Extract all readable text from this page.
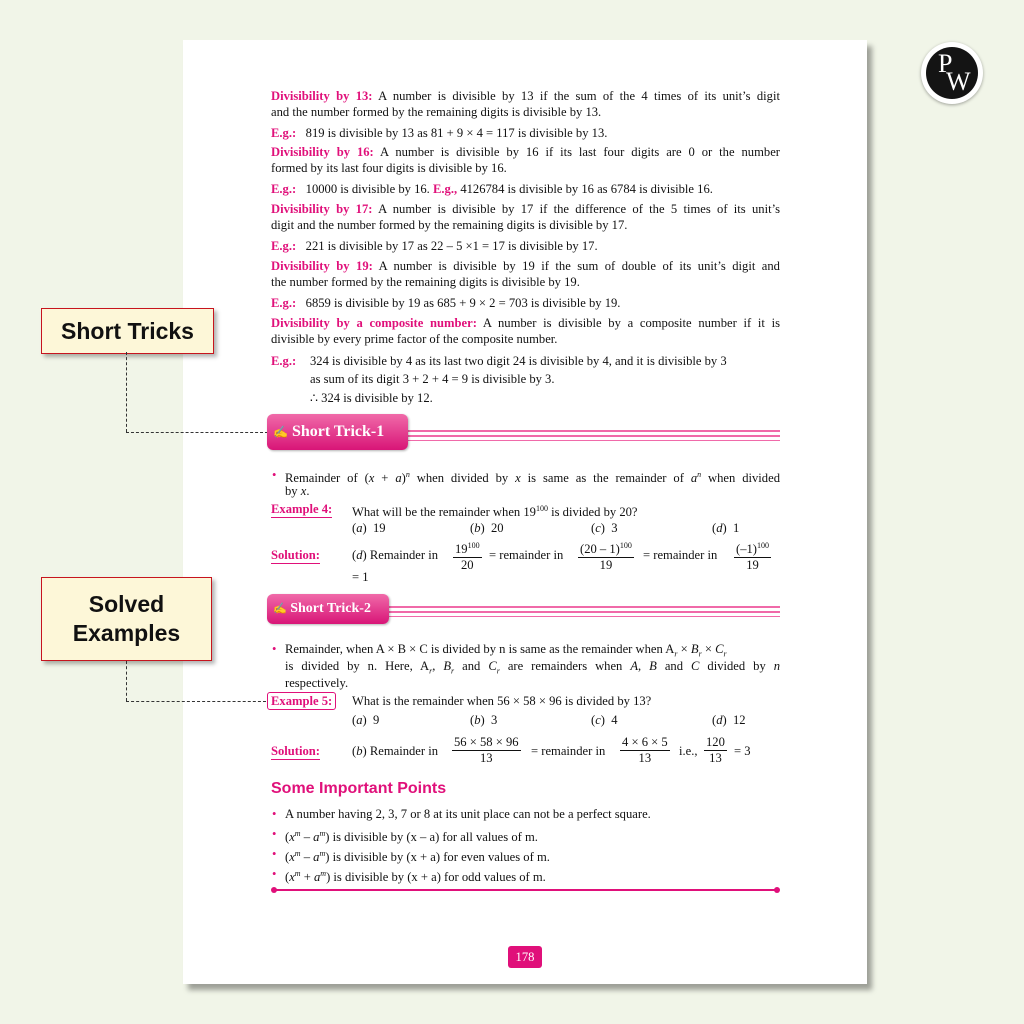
P
W
Short Tricks
Solved
Examples
Divisibility by 13: A number is divisible by 13 if the sum of the 4 times of its unit’s digit
and the number formed by the remaining digits is divisible by 13.
E.g.: 819 is divisible by 13 as 81 + 9 × 4 = 117 is divisible by 13.
Divisibility by 16: A number is divisible by 16 if its last four digits are 0 or the number
formed by its last four digits is divisible by 16.
E.g.: 10000 is divisible by 16. E.g., 4126784 is divisible by 16 as 6784 is divisible 16.
Divisibility by 17: A number is divisible by 17 if the difference of the 5 times of its unit’s
digit and the number formed by the remaining digits is divisible by 17.
E.g.: 221 is divisible by 17 as 22 – 5 ×1 = 17 is divisible by 17.
Divisibility by 19: A number is divisible by 19 if the sum of double of its unit’s digit and
the number formed by the remaining digits is divisible by 19.
E.g.: 6859 is divisible by 19 as 685 + 9 × 2 = 703 is divisible by 19.
Divisibility by a composite number: A number is divisible by a composite number if it is
divisible by every prime factor of the composite number.
E.g.: 324 is divisible by 4 as its last two digit 24 is divisible by 4, and it is divisible by 3
as sum of its digit 3 + 2 + 4 = 9 is divisible by 3.
∴ 324 is divisible by 12.
✍ Short Trick-1
• Remainder of $(x + a)^n$ when divided by x is same as the remainder of $a^n$ when divided
by x.
Example 4: What will be the remainder when $19^{100}$ is divided by 20?
(a)  19	(b)  20	(c)  3	(d)  1
Solution:	(d) Remainder in $\frac{19^{100}}{20}$ = remainder in $\frac{(20 - 1)^{100}}{19}$ = remainder in $\frac{(-1)^{100}}{19}$
= 1
✍ Short Trick-2
• Remainder, when A × B × C is divided by n is same as the remainder when $A_r \times B_r \times C_r$
is divided by n. Here, $A_r$, $B_r$ and $C_r$ are remainders when A, B and C divided by n
respectively.
Example 5:	What is the remainder when 56 × 58 × 96 is divided by 13?
(a)  9	(b)  3	(c)  4	(d)  12
Solution:	(b) Remainder in $\frac{56 \times 58 \times 96}{13}$ = remainder in $\frac{4 \times 6 \times 5}{13} i.e$., $\frac{120}{13} = 3$
Some Important Points
• A number having 2, 3, 7 or 8 at its unit place can not be a perfect square.
• $(x^m - a^m)$ is divisible by (x – a) for all values of m.
• $(x^m - a^m)$ is divisible by (x + a) for even values of m.
• $(x^m + a^m)$ is divisible by (x + a) for odd values of m.
178
